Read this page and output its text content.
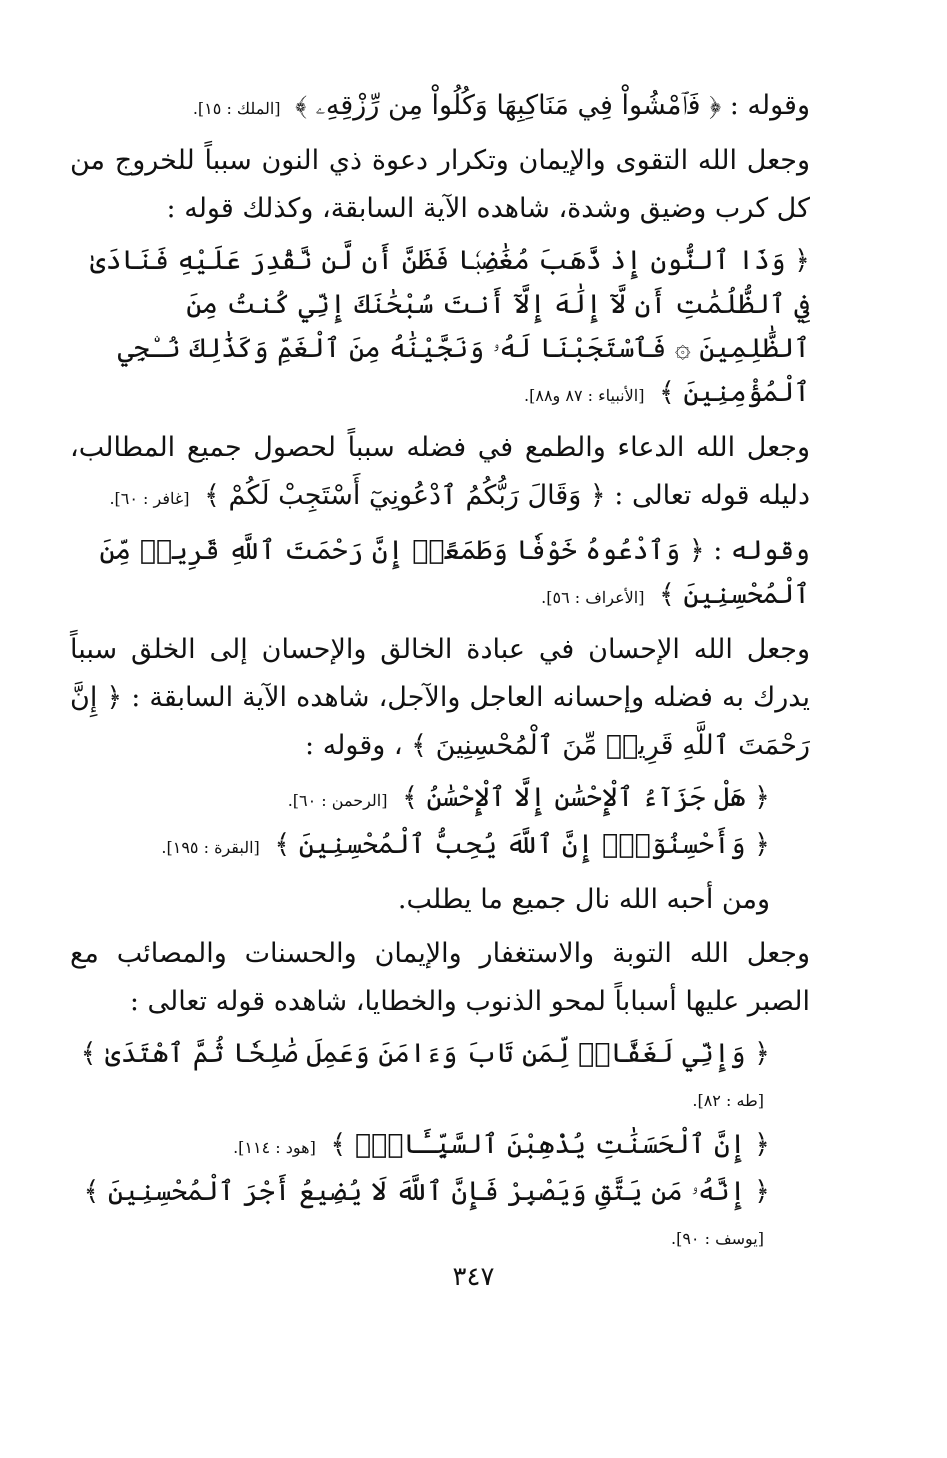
وقوله : ﴿ فَٱمْشُواْ فِي مَنَاكِبِهَا وَكُلُواْ مِن رِّزْقِهِۦ ﴾ [الملك : ١٥].
وجعل الله التقوى والإيمان وتكرار دعوة ذي النون سبباً للخروج من كل كرب وضيق وشدة، شاهده الآية السابقة، وكذلك قوله :
﴿ وَذَا ٱلنُّونِ إِذ ذَّهَبَ مُغَٰضِبٗا فَظَنَّ أَن لَّن نَّقْدِرَ عَلَيْهِ فَنَادَىٰ فِي ٱلظُّلُمَٰتِ أَن لَّآ إِلَٰهَ إِلَّآ أَنتَ سُبْحَٰنَكَ إِنِّي كُنتُ مِنَ ٱلظَّٰلِمِينَ ۞ فَٱسْتَجَبْنَا لَهُۥ وَنَجَّيْنَٰهُ مِنَ ٱلْغَمِّ وَكَذَٰلِكَ نُـۨجِي ٱلْمُؤْمِنِينَ ﴾ [الأنبياء : ٨٧ و٨٨].
وجعل الله الدعاء والطمع في فضله سبباً لحصول جميع المطالب، دليله قوله تعالى : ﴿ وَقَالَ رَبُّكُمُ ٱدْعُونِيٓ أَسْتَجِبْ لَكُمْ ﴾ [غافر : ٦٠].
وقوله : ﴿ وَٱدْعُوهُ خَوْفٗا وَطَمَعًاۚ إِنَّ رَحْمَتَ ٱللَّهِ قَرِيبٞ مِّنَ ٱلْمُحْسِنِينَ ﴾ [الأعراف : ٥٦].
وجعل الله الإحسان في عبادة الخالق والإحسان إلى الخلق سبباً يدرك به فضله وإحسانه العاجل والآجل، شاهده الآية السابقة : ﴿ إِنَّ رَحْمَتَ ٱللَّهِ قَرِيبٞ مِّنَ ٱلْمُحْسِنِينَ ﴾ ، وقوله :
﴿ هَلْ جَزَآءُ ٱلْإِحْسَٰنِ إِلَّا ٱلْإِحْسَٰنُ ﴾ [الرحمن : ٦٠].
﴿ وَأَحْسِنُوٓاْۚ إِنَّ ٱللَّهَ يُحِبُّ ٱلْمُحْسِنِينَ ﴾ [البقرة : ١٩٥].
ومن أحبه الله نال جميع ما يطلب.
وجعل الله التوبة والاستغفار والإيمان والحسنات والمصائب مع الصبر عليها أسباباً لمحو الذنوب والخطايا، شاهده قوله تعالى :
﴿ وَإِنِّي لَغَفَّارٞ لِّمَن تَابَ وَءَامَنَ وَعَمِلَ صَٰلِحٗا ثُمَّ ٱهْتَدَىٰ ﴾ [طه : ٨٢].
﴿ إِنَّ ٱلْحَسَنَٰتِ يُذْهِبْنَ ٱلسَّيِّـَٔاتِۚ ﴾ [هود : ١١٤].
﴿ إِنَّهُۥ مَن يَتَّقِ وَيَصْبِرْ فَإِنَّ ٱللَّهَ لَا يُضِيعُ أَجْرَ ٱلْمُحْسِنِينَ ﴾ [يوسف : ٩٠].
٣٤٧
